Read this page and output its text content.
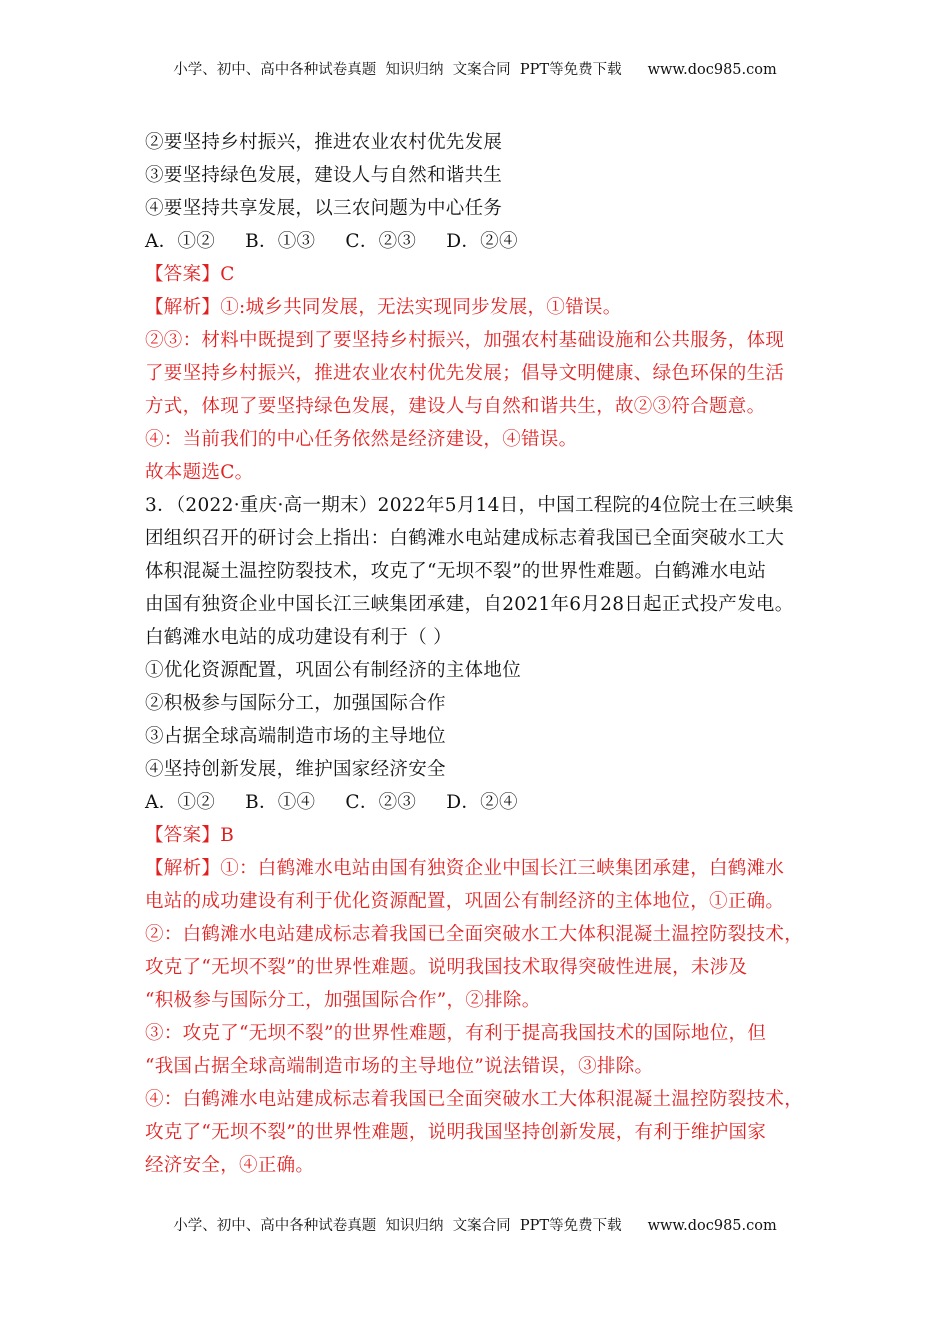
小学、初中、高中各种试卷真题  知识归纳  文案合同  PPT等免费下载 www.doc985.com
②要坚持乡村振兴，推进农业农村优先发展
③要坚持绿色发展，建设人与自然和谐共生
④要坚持共享发展，以三农问题为中心任务
A．①② B．①③ C．②③ D．②④
【答案】C
【解析】①:城乡共同发展，无法实现同步发展，①错误。
②③：材料中既提到了要坚持乡村振兴，加强农村基础设施和公共服务，体现
了要坚持乡村振兴，推进农业农村优先发展；倡导文明健康、绿色环保的生活
方式，体现了要坚持绿色发展，建设人与自然和谐共生，故②③符合题意。
④：当前我们的中心任务依然是经济建设，④错误。
故本题选C。
3．（2022·重庆·高一期末）2022年5月14日，中国工程院的4位院士在三峡集
团组织召开的研讨会上指出：白鹤滩水电站建成标志着我国已全面突破水工大
体积混凝土温控防裂技术，攻克了“无坝不裂”的世界性难题。白鹤滩水电站
由国有独资企业中国长江三峡集团承建，自2021年6月28日起正式投产发电。
白鹤滩水电站的成功建设有利于（ ）
①优化资源配置，巩固公有制经济的主体地位
②积极参与国际分工，加强国际合作
③占据全球高端制造市场的主导地位
④坚持创新发展，维护国家经济安全
A．①② B．①④ C．②③ D．②④
【答案】B
【解析】①：白鹤滩水电站由国有独资企业中国长江三峡集团承建，白鹤滩水
电站的成功建设有利于优化资源配置，巩固公有制经济的主体地位，①正确。
②：白鹤滩水电站建成标志着我国已全面突破水工大体积混凝土温控防裂技术，
攻克了“无坝不裂”的世界性难题。说明我国技术取得突破性进展，未涉及
“积极参与国际分工，加强国际合作”，②排除。
③：攻克了“无坝不裂”的世界性难题，有利于提高我国技术的国际地位，但
“我国占据全球高端制造市场的主导地位”说法错误，③排除。
④：白鹤滩水电站建成标志着我国已全面突破水工大体积混凝土温控防裂技术，
攻克了“无坝不裂”的世界性难题，说明我国坚持创新发展，有利于维护国家
经济安全，④正确。
小学、初中、高中各种试卷真题  知识归纳  文案合同  PPT等免费下载 www.doc985.com
